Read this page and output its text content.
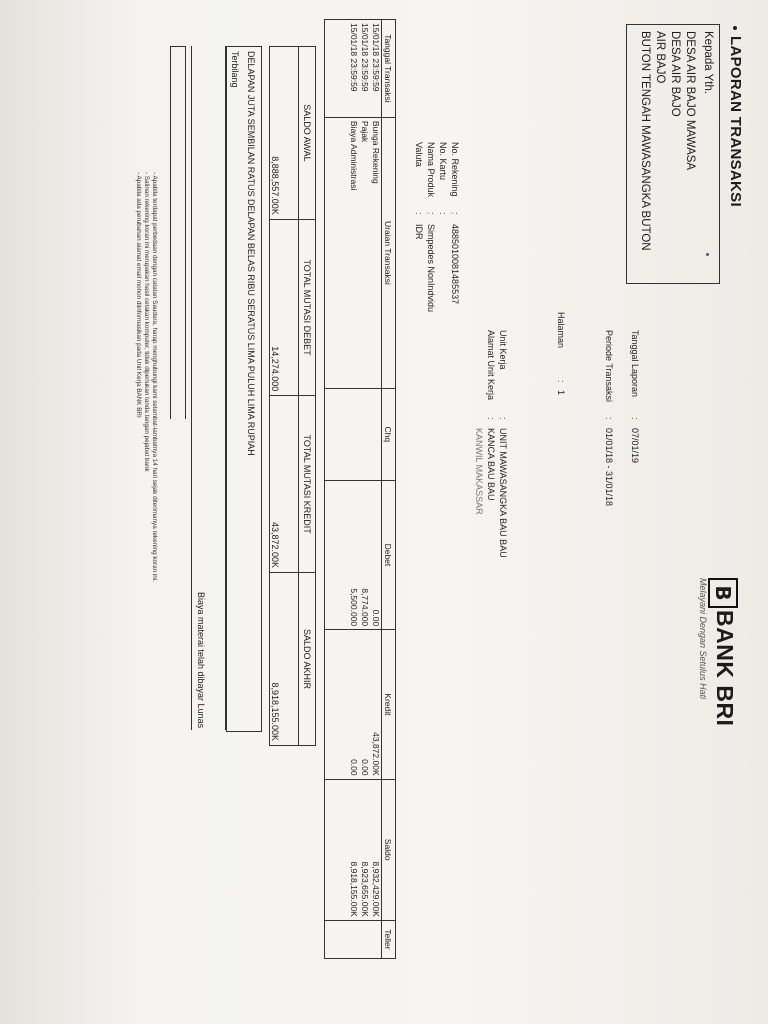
LAPORAN TRANSAKSI
Kepada Yth.
DESA AIR BAJO MAWASA
DESA AIR BAJO
AIR BAJO
BUTON TENGAH MAWASANGKA BUTON
No. Rekening
:
4885010081485537
No. Kartu
:
Nama Produk
:
Simpedes NonIndvidu
Valuta
:
IDR
Halaman
:
1	Periode Transaksi
:
01/01/18 - 31/01/18
Tanggal Laporan
:
07/01/19
Unit Kerja
:
UNIT MAWASANGKA BAU BAU
Alamat Unit Kerja
:
KANCA BAU BAU
KANWIL MAKASSAR
B
BANK BRI
Melayani Dengan Setulus Hati
Tanggal Transaksi	Uraian Transaksi	Chq	Debet	Kredit	Saldo	Teller
15/01/18 23:59:59	Bunga Rekening		0.00	43,872.00K	8,932,429.00K	
15/01/18 23:59:59	Pajak		8,774.000	0.00	8,923,655.00K	
15/01/18 23:59:59	Biaya Administrasi		5,500.000	0.00	8,918,155.00K	
SALDO AWAL	TOTAL MUTASI DEBET	TOTAL MUTASI KREDIT	SALDO AKHIR
8,888,557.00K	14,274.000	43,872.00K	8,918,155.00K
DELAPAN JUTA SEMBILAN RATUS DELAPAN BELAS RIBU SERATUS LIMA PULUH LIMA RUPIAH
Terbilang
Biaya materai telah dibayar Lunas
- Apabila terdapat perbedaan dengan catatan Saudara, harap menghubungi kami selambat-lambatnya 14 hari sejak diterimanya rekening koran ini.
- Salinan rekening koran ini merupakan hasil cetakan komputer, tidak diperlukan tanda tangan pejabat bank
- Apabila ada perubahan alamat email mohon diinformasikan pada Unit Kerja BANK BRI
